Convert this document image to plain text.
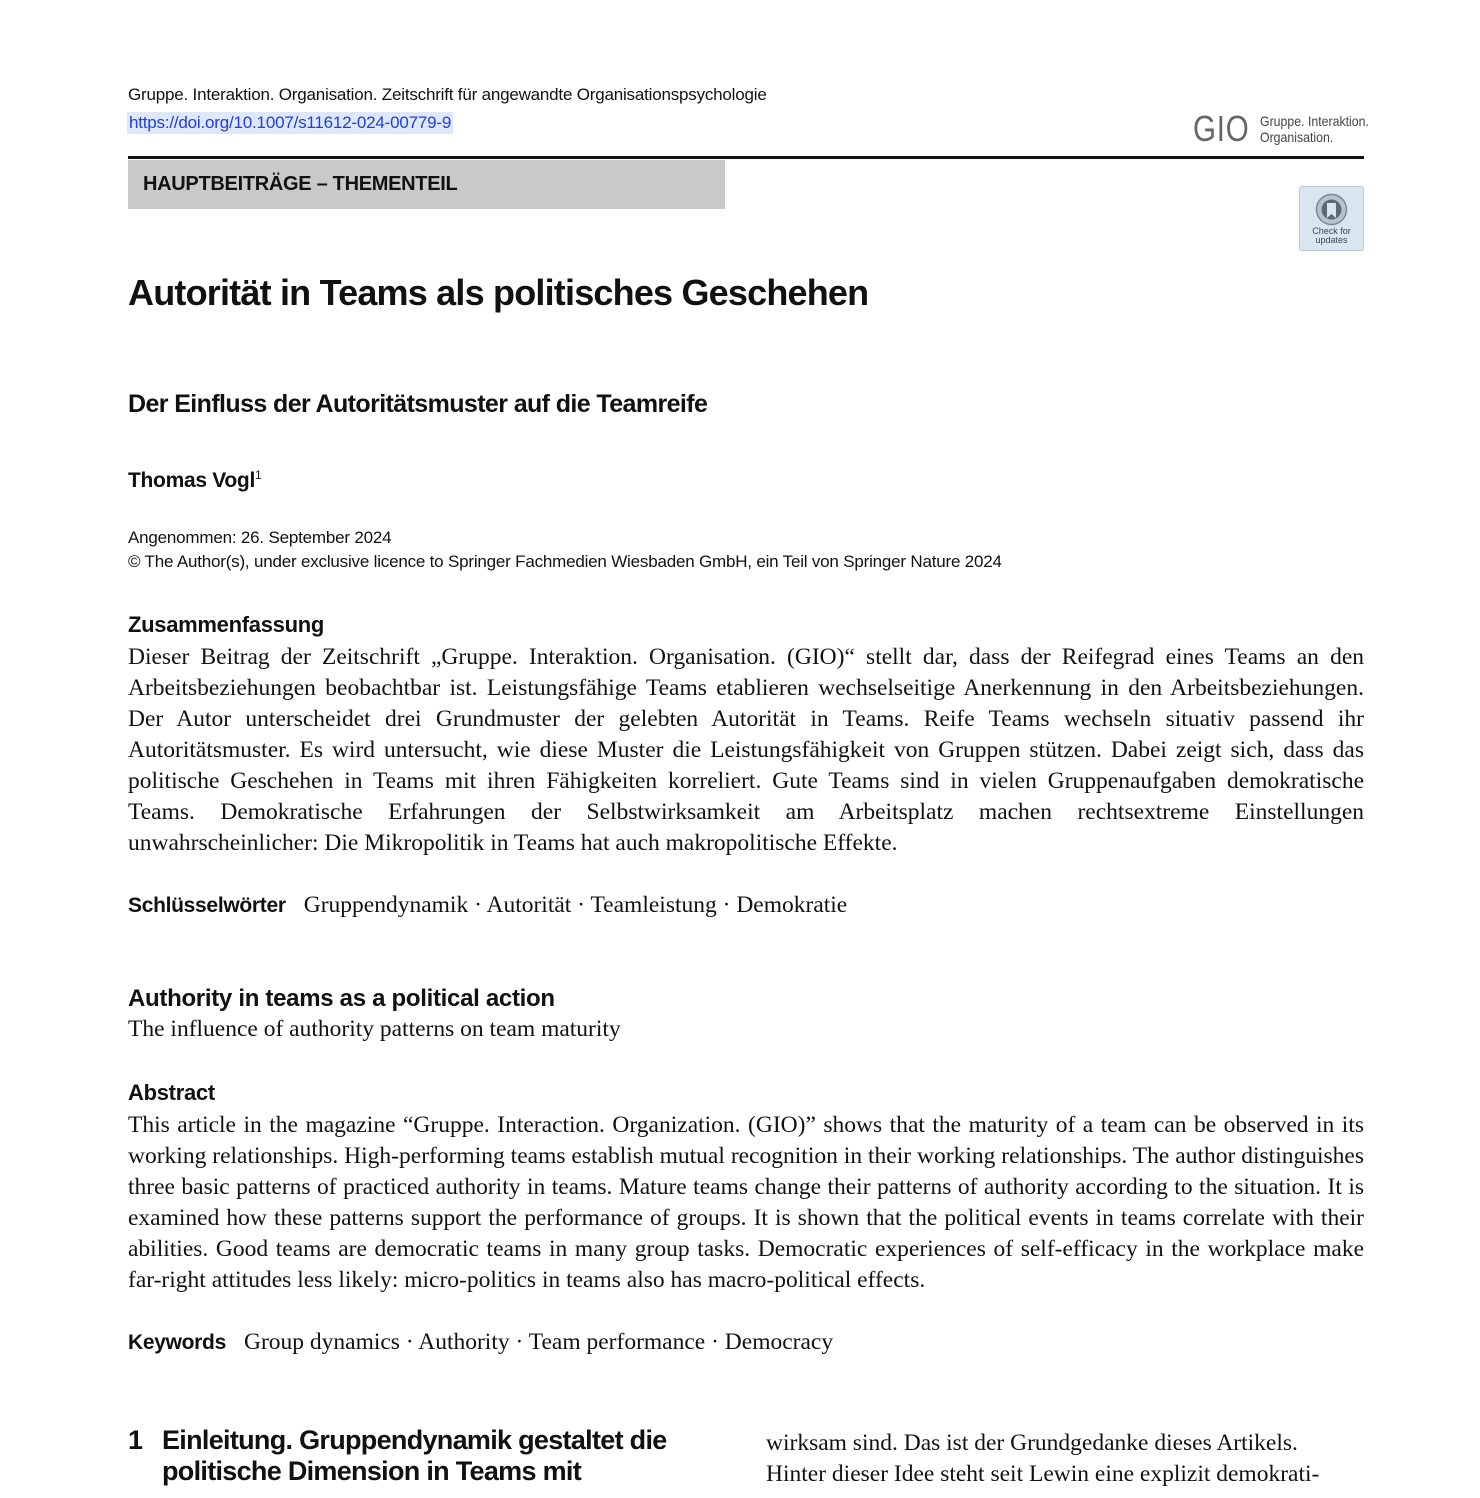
Gruppe. Interaktion. Organisation. Zeitschrift für angewandte Organisationspsychologie
https://doi.org/10.1007/s11612-024-00779-9	GIO Gruppe. Interaktion.
Organisation.
HAUPTBEITRÄGE – THEMENTEIL
Check for
updates
Autorität in Teams als politisches Geschehen
Der Einfluss der Autoritätsmuster auf die Teamreife
Thomas Vogl$^1$
Angenommen: 26. September 2024
© The Author(s), under exclusive licence to Springer Fachmedien Wiesbaden GmbH, ein Teil von Springer Nature 2024
Zusammenfassung

Dieser Beitrag der Zeitschrift „Gruppe. Interaktion. Organisation. (GIO)“ stellt dar, dass der Reifegrad eines Teams an den Arbeitsbeziehungen beobachtbar ist. Leistungsfähige Teams etablieren wechselseitige Anerkennung in den Arbeitsbeziehungen. Der Autor unterscheidet drei Grundmuster der gelebten Autorität in Teams. Reife Teams wechseln situativ passend ihr Autoritätsmuster. Es wird untersucht, wie diese Muster die Leistungsfähigkeit von Gruppen stützen. Dabei zeigt sich, dass das politische Geschehen in Teams mit ihren Fähigkeiten korreliert. Gute Teams sind in vielen Gruppenaufgaben demokratische Teams. Demokratische Erfahrungen der Selbstwirksamkeit am Arbeitsplatz machen rechtsextreme Einstellungen unwahrscheinlicher: Die Mikropolitik in Teams hat auch makropolitische Effekte.

Schlüsselwörter Gruppendynamik · Autorität · Teamleistung · Demokratie
Authority in teams as a political action
The influence of authority patterns on team maturity
Abstract

This article in the magazine “Gruppe. Interaction. Organization. (GIO)” shows that the maturity of a team can be observed in its working relationships. High-performing teams establish mutual recognition in their working relationships. The author distinguishes three basic patterns of practiced authority in teams. Mature teams change their patterns of authority according to the situation. It is examined how these patterns support the performance of groups. It is shown that the political events in teams correlate with their abilities. Good teams are democratic teams in many group tasks. Democratic experiences of self-efficacy in the workplace make far-right attitudes less likely: micro-politics in teams also has macro-political effects.

Keywords Group dynamics · Authority · Team performance · Democracy
1 Einleitung. Gruppendynamik gestaltet die politische Dimension in Teams mit

wirksam sind. Das ist der Grundgedanke dieses Artikels.
Hinter dieser Idee steht seit Lewin eine explizit demokrati-
